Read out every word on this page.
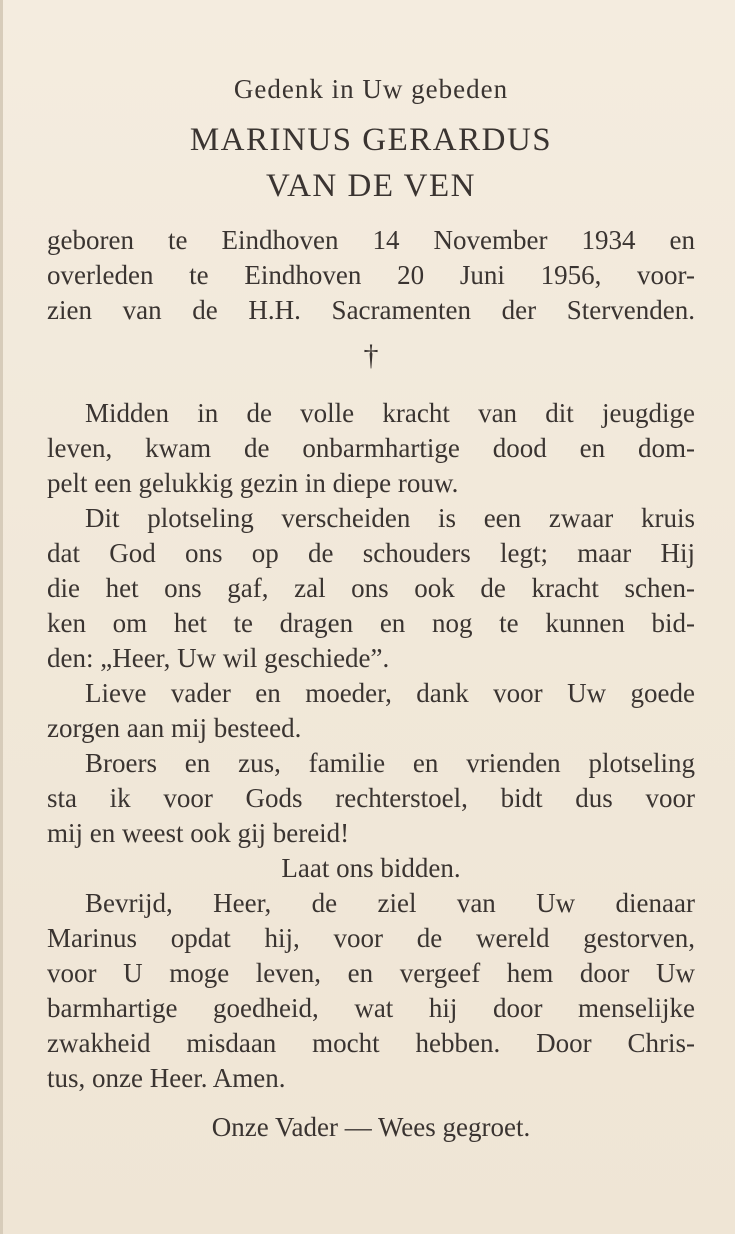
Gedenk in Uw gebeden

MARINUS GERARDUS

VAN DE VEN

geboren te Eindhoven 14 November 1934 en
overleden te Eindhoven 20 Juni 1956, voor-
zien van de H.H. Sacramenten der Stervenden.
†
Midden in de volle kracht van dit jeugdige
leven, kwam de onbarmhartige dood en dom-
pelt een gelukkig gezin in diepe rouw.
Dit plotseling verscheiden is een zwaar kruis
dat God ons op de schouders legt; maar Hij
die het ons gaf, zal ons ook de kracht schen-
ken om het te dragen en nog te kunnen bid-
den: „Heer, Uw wil geschiede”.
Lieve vader en moeder, dank voor Uw goede
zorgen aan mij besteed.
Broers en zus, familie en vrienden plotseling
sta ik voor Gods rechterstoel, bidt dus voor
mij en weest ook gij bereid!
Laat ons bidden.
Bevrijd, Heer, de ziel van Uw dienaar
Marinus opdat hij, voor de wereld gestorven,
voor U moge leven, en vergeef hem door Uw
barmhartige goedheid, wat hij door menselijke
zwakheid misdaan mocht hebben. Door Chris-
tus, onze Heer. Amen.
Onze Vader — Wees gegroet.
